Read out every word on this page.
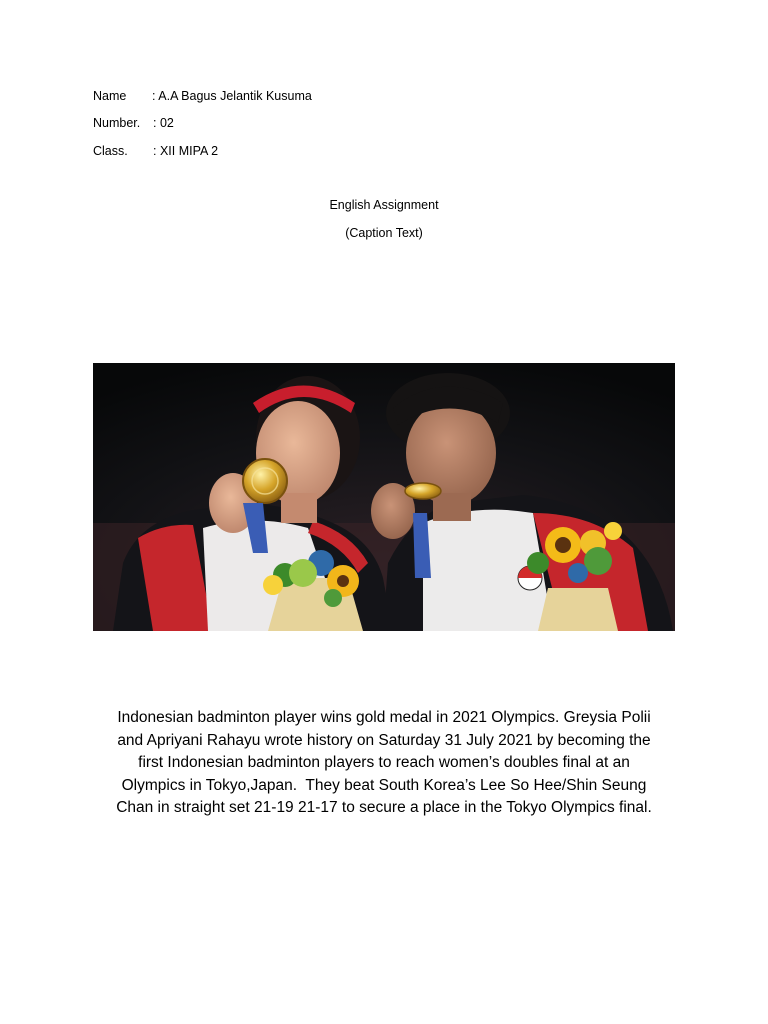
Name : A.A Bagus Jelantik Kusuma
Number. : 02
Class. : XII MIPA 2
English Assignment
(Caption Text)
Indonesian badminton player wins gold medal in 2021 Olympics. Greysia Polii
and Apriyani Rahayu wrote history on Saturday 31 July 2021 by becoming the
first Indonesian badminton players to reach women’s doubles final at an
Olympics in Tokyo,Japan.  They beat South Korea’s Lee So Hee/Shin Seung
Chan in straight set 21-19 21-17 to secure a place in the Tokyo Olympics final.
